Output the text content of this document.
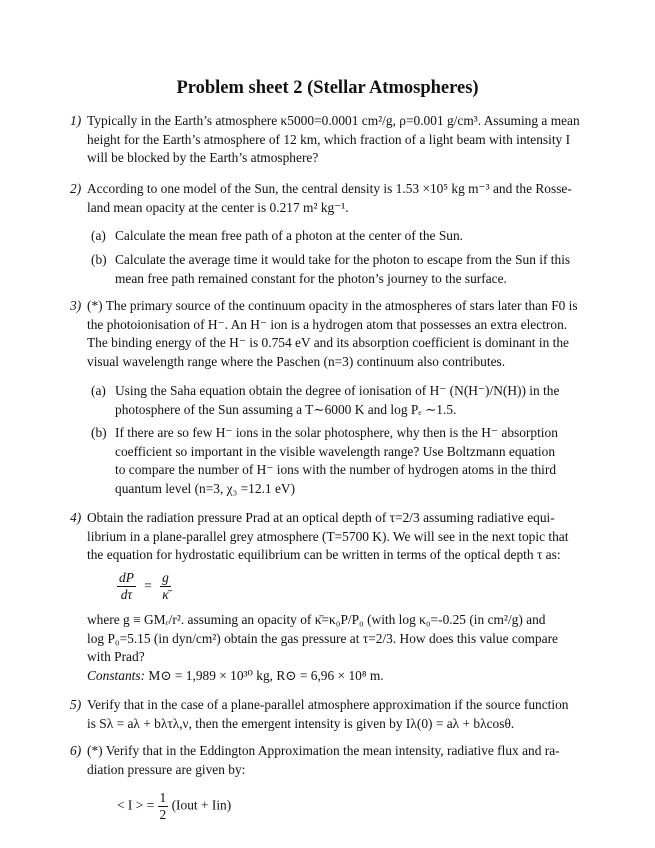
Problem sheet 2 (Stellar Atmospheres)
1) Typically in the Earth’s atmosphere κ5000=0.0001 cm²/g, ρ=0.001 g/cm³. Assuming a mean
height for the Earth’s atmosphere of 12 km, which fraction of a light beam with intensity I
will be blocked by the Earth’s atmosphere?
2) According to one model of the Sun, the central density is 1.53 ×10⁵ kg m⁻³ and the Rosse-
land mean opacity at the center is 0.217 m² kg⁻¹.
(a) Calculate the mean free path of a photon at the center of the Sun.
(b) Calculate the average time it would take for the photon to escape from the Sun if this
mean free path remained constant for the photon’s journey to the surface.
3) (*) The primary source of the continuum opacity in the atmospheres of stars later than F0 is
the photoionisation of H⁻. An H⁻ ion is a hydrogen atom that possesses an extra electron.
The binding energy of the H⁻ is 0.754 eV and its absorption coefficient is dominant in the
visual wavelength range where the Paschen (n=3) continuum also contributes.
(a) Using the Saha equation obtain the degree of ionisation of H⁻ (N(H⁻)/N(H)) in the
photosphere of the Sun assuming a T∼6000 K and log Pₑ ∼1.5.
(b) If there are so few H⁻ ions in the solar photosphere, why then is the H⁻ absorption
coefficient so important in the visible wavelength range? Use Boltzmann equation
to compare the number of H⁻ ions with the number of hydrogen atoms in the third
quantum level (n=3, χ₃ =12.1 eV)
4) Obtain the radiation pressure Prad at an optical depth of τ=2/3 assuming radiative equi-
librium in a plane-parallel grey atmosphere (T=5700 K). We will see in the next topic that
the equation for hydrostatic equilibrium can be written in terms of the optical depth τ as:
$\frac{dP}{d\tau} = \frac{g}{\kappā}$
where g ≡ GMᵣ/r². assuming an opacity of κ̄=κ₀P/P₀ (with log κ₀=-0.25 (in cm²/g) and
log P₀=5.15 (in dyn/cm²) obtain the gas pressure at τ=2/3. How does this value compare
with Prad?
Constants: M⊙ = 1,989 × 10³⁰ kg, R⊙ = 6,96 × 10⁸ m.
5) Verify that in the case of a plane-parallel atmosphere approximation if the source function
is Sλ = aλ + bλτλ,ν, then the emergent intensity is given by Iλ(0) = aλ + bλcosθ.
6) (*) Verify that in the Eddington Approximation the mean intensity, radiative flux and ra-
diation pressure are given by:
< I > = $\frac{1}{2}$ (Iout + Iin)
